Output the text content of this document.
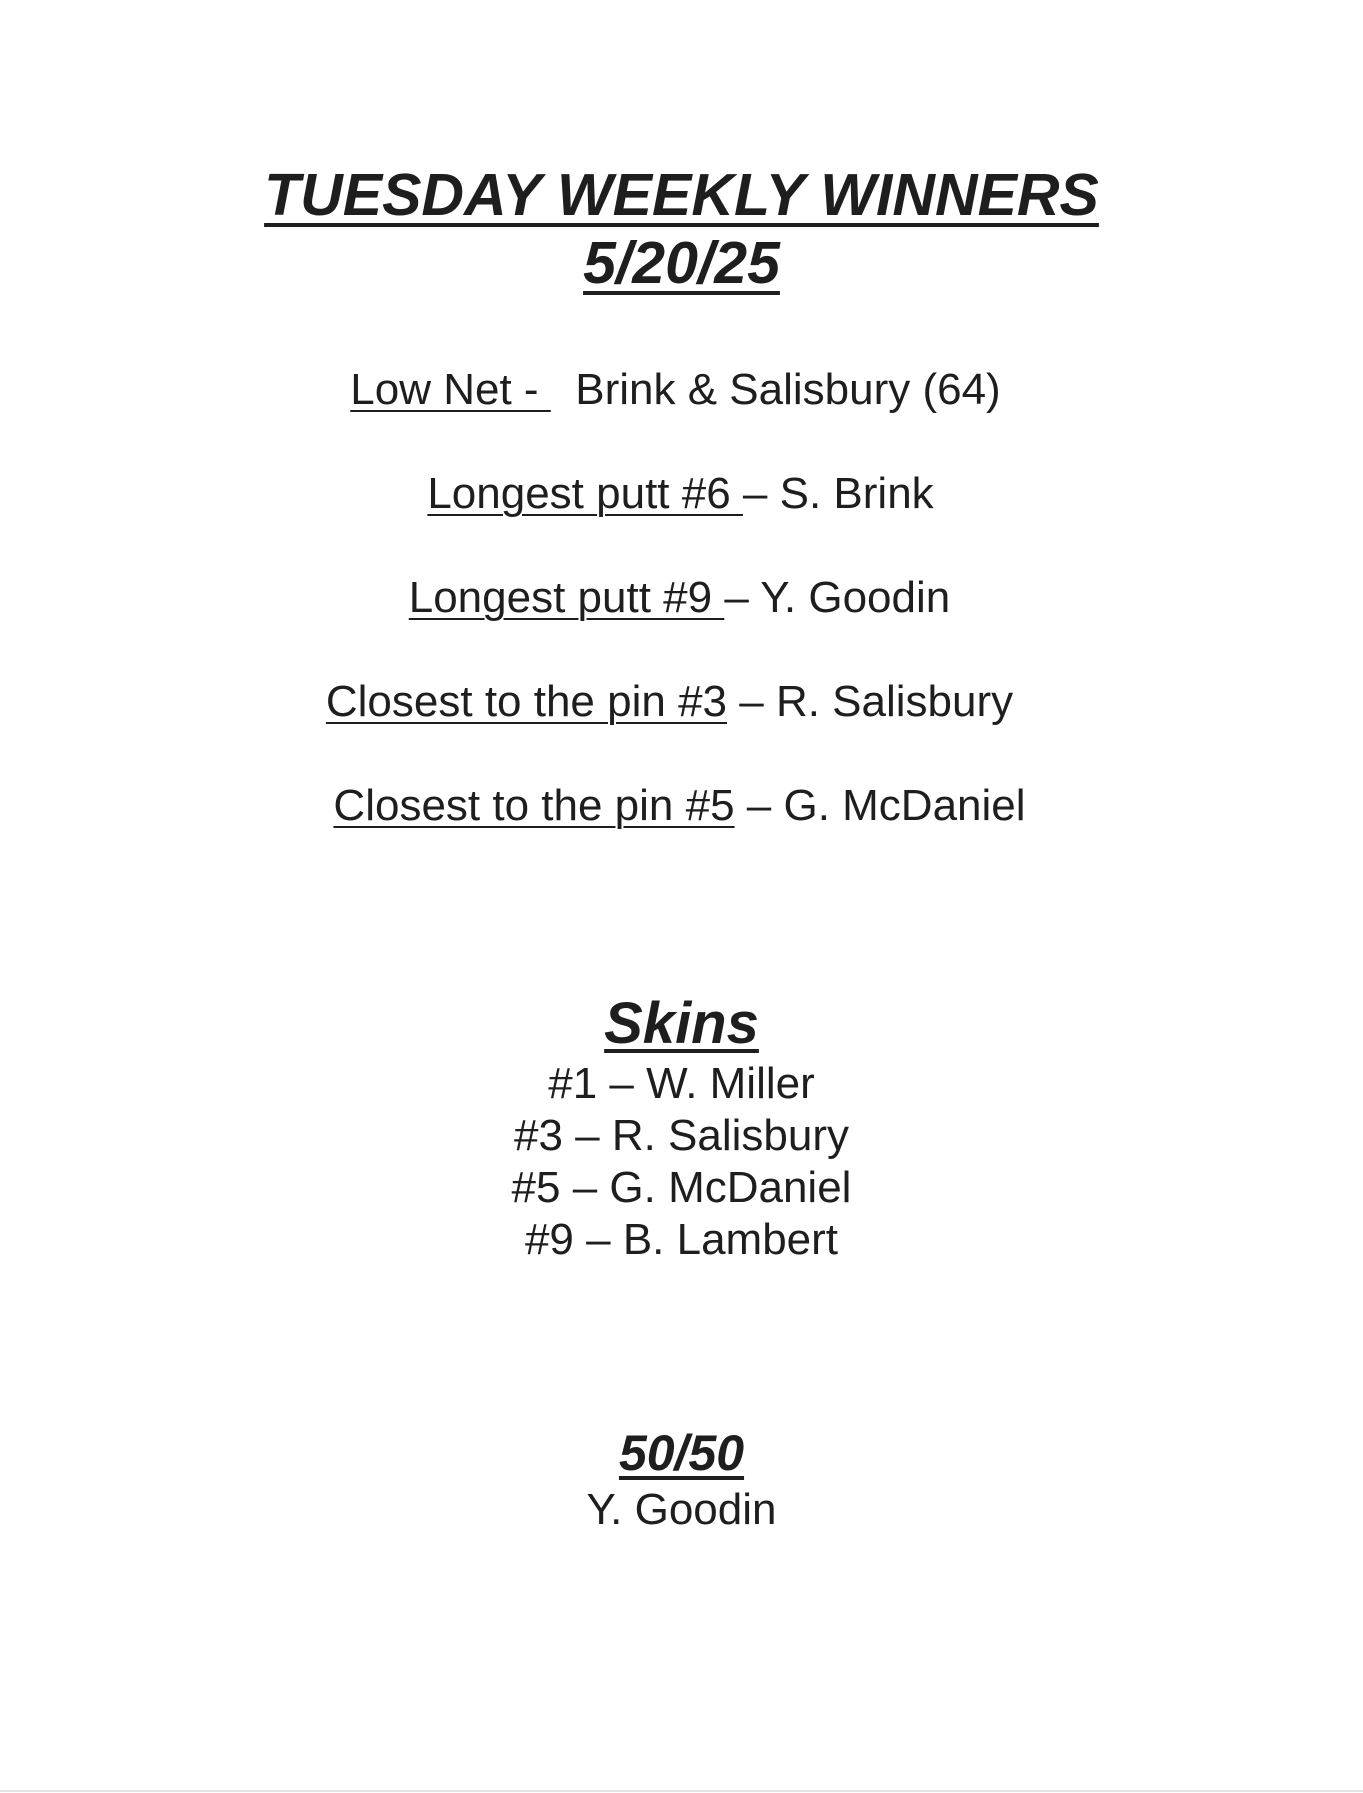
TUESDAY WEEKLY WINNERS
5/20/25
Low Net -   Brink & Salisbury (64)
Longest putt #6 – S. Brink
Longest putt #9 – Y. Goodin
Closest to the pin #3 – R. Salisbury
Closest to the pin #5 – G. McDaniel
Skins
#1 – W. Miller
#3 – R. Salisbury
#5 – G. McDaniel
#9 – B. Lambert
50/50
Y. Goodin
